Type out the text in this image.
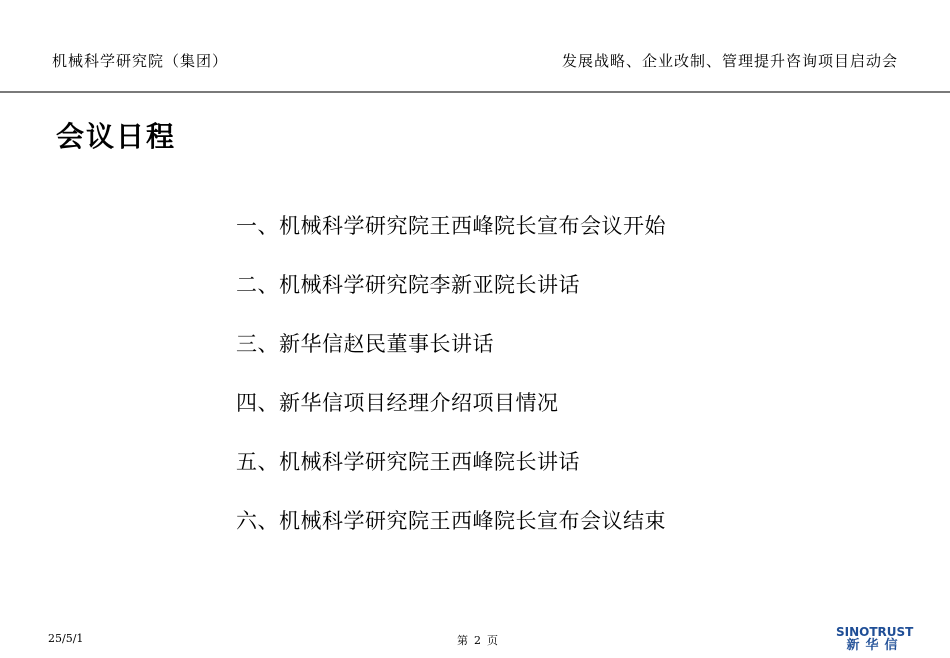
机械科学研究院（集团）	发展战略、企业改制、管理提升咨询项目启动会
会议日程
一、机械科学研究院王西峰院长宣布会议开始
二、机械科学研究院李新亚院长讲话
三、新华信赵民董事长讲话
四、新华信项目经理介绍项目情况
五、机械科学研究院王西峰院长讲话
六、机械科学研究院王西峰院长宣布会议结束
25/5/1	第 2 页
SINOTRUST
新华信
